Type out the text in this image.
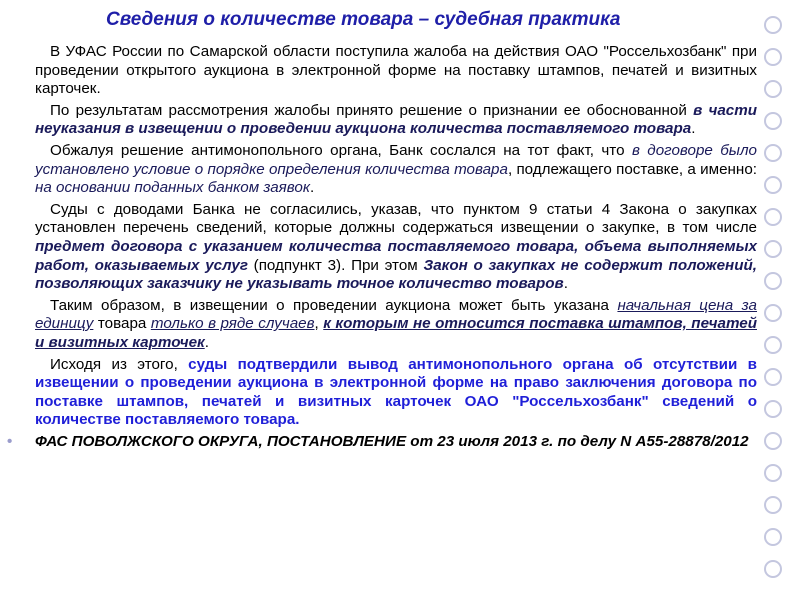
Сведения о количестве товара – судебная практика

В УФАС России по Самарской области поступила жалоба на действия ОАО "Россельхозбанк" при проведении открытого аукциона в электронной форме на поставку штампов, печатей и визитных карточек.

По результатам рассмотрения жалобы принято решение о признании ее обоснованной в части неуказания в извещении о проведении аукциона количества поставляемого товара.

Обжалуя решение антимонопольного органа, Банк сослался на тот факт, что в договоре было установлено условие о порядке определения количества товара, подлежащего поставке, а именно: на основании поданных банком заявок.

Суды с доводами Банка не согласились, указав, что пунктом 9 статьи 4 Закона о закупках установлен перечень сведений, которые должны содержаться извещении о закупке, в том числе предмет договора с указанием количества поставляемого товара, объема выполняемых работ, оказываемых услуг (подпункт 3). При этом Закон о закупках не содержит положений, позволяющих заказчику не указывать точное количество товаров.

Таким образом, в извещении о проведении аукциона может быть указана начальная цена за единицу товара только в ряде случаев, к которым не относится поставка штампов, печатей и визитных карточек.

Исходя из этого, суды подтвердили вывод антимонопольного органа об отсутствии в извещении о проведении аукциона в электронной форме на право заключения договора по поставке штампов, печатей и визитных карточек ОАО "Россельхозбанк" сведений о количестве поставляемого товара.

• ФАС ПОВОЛЖСКОГО ОКРУГА, ПОСТАНОВЛЕНИЕ от 23 июля 2013 г. по делу N А55-28878/2012
